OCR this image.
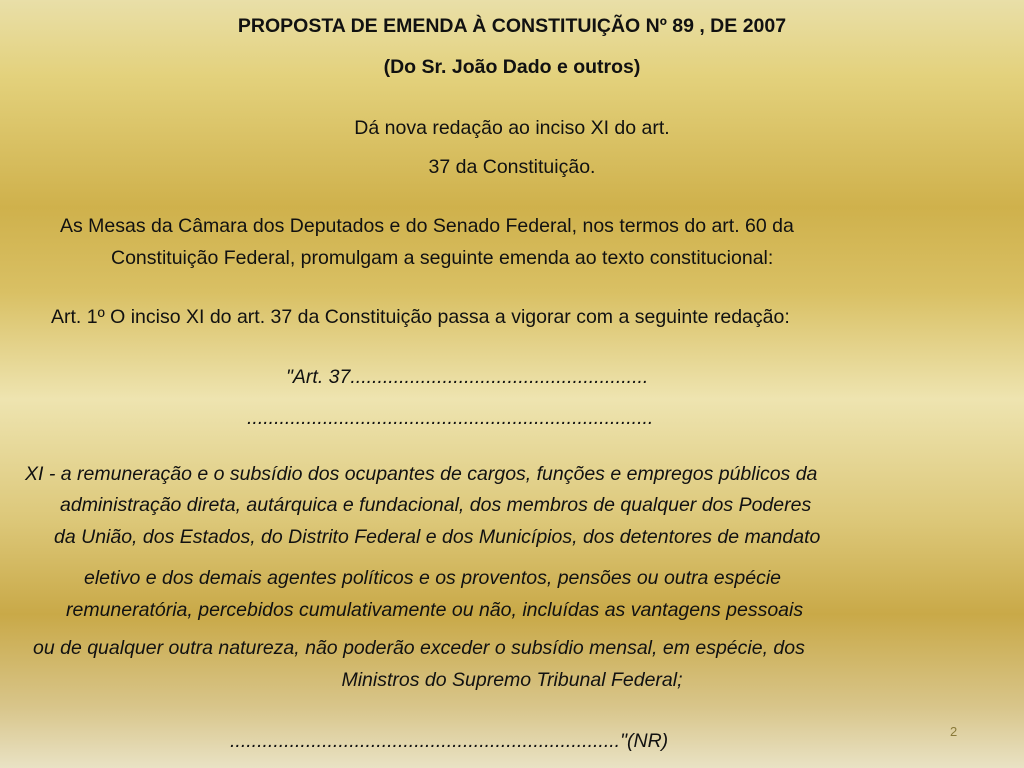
PROPOSTA DE EMENDA À CONSTITUIÇÃO Nº 89 , DE 2007
(Do Sr. João Dado e outros)
Dá nova redação ao inciso XI do art.
37 da Constituição.
As Mesas da Câmara dos Deputados e do Senado Federal, nos termos do art. 60 da
Constituição Federal, promulgam a seguinte emenda ao texto constitucional:
Art. 1º O inciso XI do art. 37 da Constituição passa a vigorar com a seguinte redação:
"Art. 37.......................................................
...........................................................................
XI - a remuneração e o subsídio dos ocupantes de cargos, funções e empregos públicos da
administração direta, autárquica e fundacional, dos membros de qualquer dos Poderes
da União, dos Estados, do Distrito Federal e dos Municípios, dos detentores de mandato
eletivo e dos demais agentes políticos e os proventos, pensões ou outra espécie
remuneratória, percebidos cumulativamente ou não, incluídas as vantagens pessoais
ou de qualquer outra natureza, não poderão exceder o subsídio mensal, em espécie, dos
Ministros do Supremo Tribunal Federal;
........................................................................"(NR)	2
